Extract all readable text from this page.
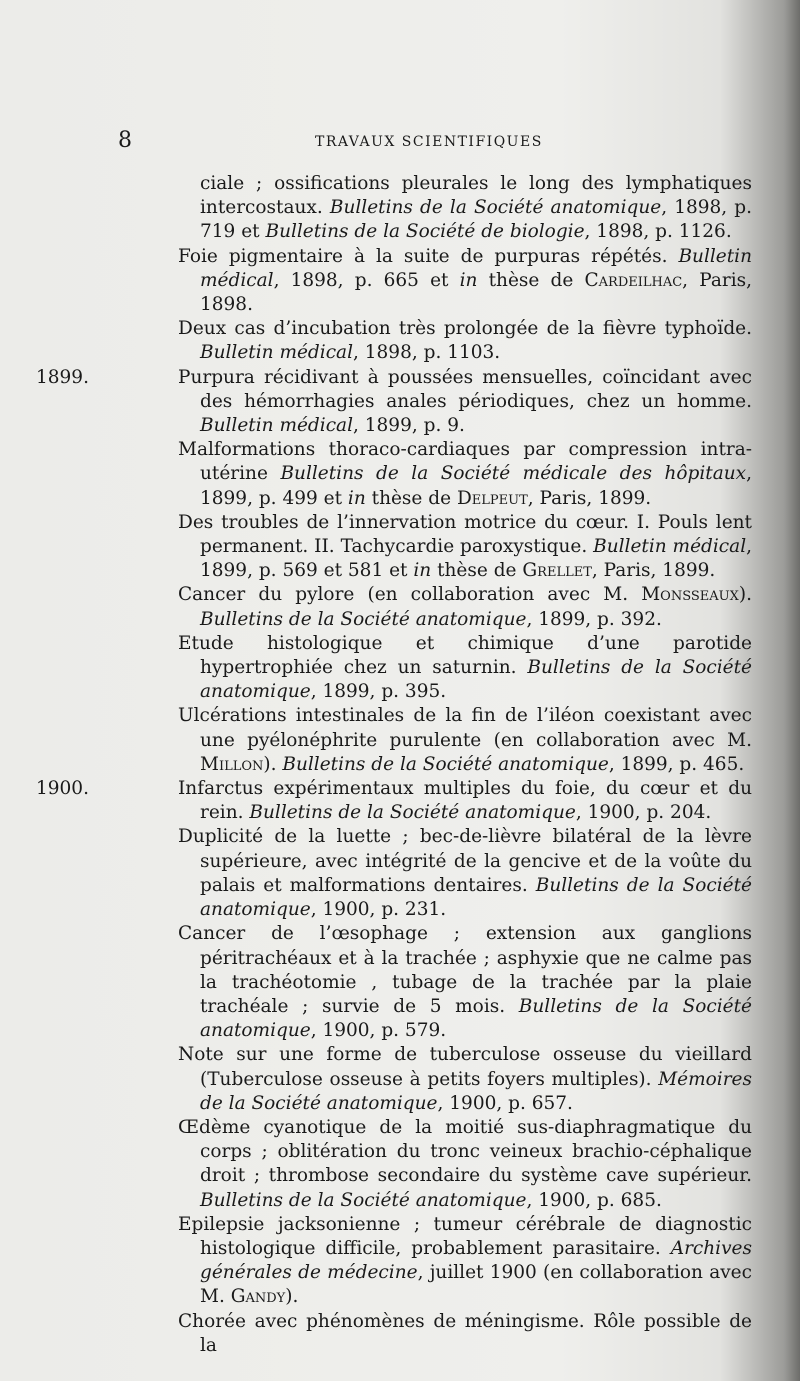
8	TRAVAUX SCIENTIFIQUES

ciale ; ossifications pleurales le long des lymphatiques intercostaux. Bulletins de la Société anatomique, 1898, p. 719 et Bulletins de la Société de biologie, 1898, p. 1126.

Foie pigmentaire à la suite de purpuras répétés. Bulletin médical, 1898, p. 665 et in thèse de Cardeilhac, Paris, 1898.

Deux cas d’incubation très prolongée de la fièvre typhoïde. Bulletin médical, 1898, p. 1103.

1899.	Purpura récidivant à poussées mensuelles, coïncidant avec des hémorrhagies anales périodiques, chez un homme. Bulletin médical, 1899, p. 9.

Malformations thoraco-cardiaques par compression intra-utérine Bulletins de la Société médicale des hôpitaux, 1899, p. 499 et in thèse de Delpeut, Paris, 1899.

Des troubles de l’innervation motrice du cœur. I. Pouls lent permanent. II. Tachycardie paroxystique. Bulletin médical, 1899, p. 569 et 581 et in thèse de Grellet, Paris, 1899.

Cancer du pylore (en collaboration avec M. Monsseaux). Bulletins de la Société anatomique, 1899, p. 392.

Etude histologique et chimique d’une parotide hypertrophiée chez un saturnin. Bulletins de la Société anatomique, 1899, p. 395.

Ulcérations intestinales de la fin de l’iléon coexistant avec une pyélonéphrite purulente (en collaboration avec M. Millon). Bulletins de la Société anatomique, 1899, p. 465.

1900.	Infarctus expérimentaux multiples du foie, du cœur et du rein. Bulletins de la Société anatomique, 1900, p. 204.

Duplicité de la luette ; bec-de-lièvre bilatéral de la lèvre supérieure, avec intégrité de la gencive et de la voûte du palais et malformations dentaires. Bulletins de la Société anatomique, 1900, p. 231.

Cancer de l’œsophage ; extension aux ganglions péritrachéaux et à la trachée ; asphyxie que ne calme pas la trachéotomie , tubage de la trachée par la plaie trachéale ; survie de 5 mois. Bulletins de la Société anatomique, 1900, p. 579.

Note sur une forme de tuberculose osseuse du vieillard (Tuberculose osseuse à petits foyers multiples). Mémoires de la Société anatomique, 1900, p. 657.

Œdème cyanotique de la moitié sus-diaphragmatique du corps ; oblitération du tronc veineux brachio-céphalique droit ; thrombose secondaire du système cave supérieur. Bulletins de la Société anatomique, 1900, p. 685.

Epilepsie jacksonienne ; tumeur cérébrale de diagnostic histologique difficile, probablement parasitaire. Archives générales de médecine, juillet 1900 (en collaboration avec M. Gandy).

Chorée avec phénomènes de méningisme. Rôle possible de la
